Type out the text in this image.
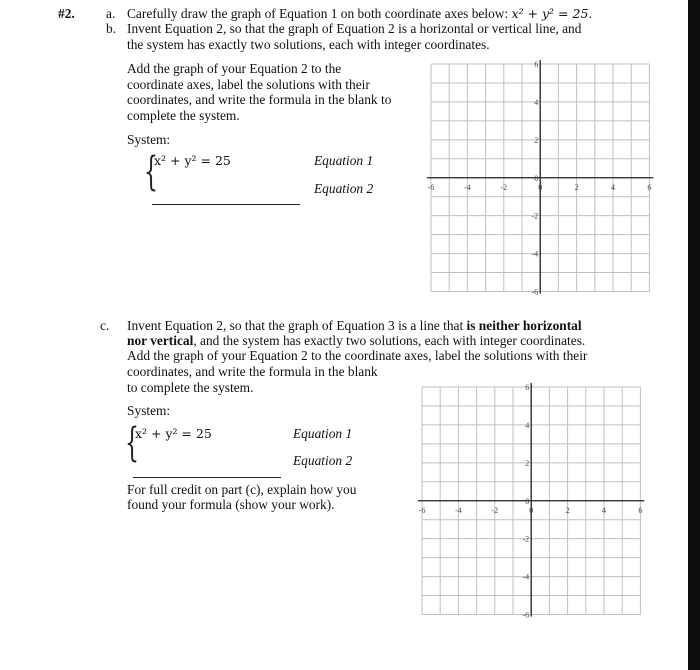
#2. a. Carefully draw the graph of Equation 1 on both coordinate axes below: x² + y² = 25.
b. Invent Equation 2, so that the graph of Equation 2 is a horizontal or vertical line, and
the system has exactly two solutions, each with integer coordinates.
Add the graph of your Equation 2 to the
coordinate axes, label the solutions with their
coordinates, and write the formula in the blank to
complete the system.
System:
{
x² + y² = 25	Equation 1
Equation 2	-6	-4	-2	0	2	4	6
6
4
2
0
-2
-4
-6
c. Invent Equation 2, so that the graph of Equation 3 is a line that is neither horizontal
nor vertical, and the system has exactly two solutions, each with integer coordinates.
Add the graph of your Equation 2 to the coordinate axes, label the solutions with their
coordinates, and write the formula in the blank
to complete the system.
System:
{
x² + y² = 25	Equation 1
Equation 2
For full credit on part (c), explain how you
found your formula (show your work).	-6	-4	-2	0	2	4	6
6
4
2
0
-2
-4
-6
